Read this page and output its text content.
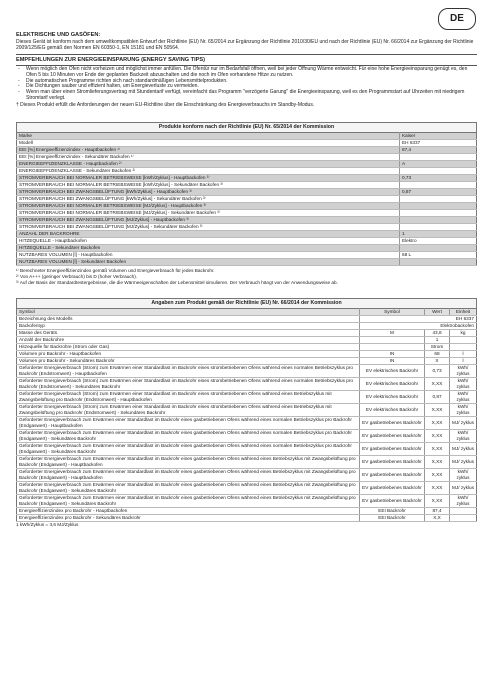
DE
ELEKTRISCHE UND GASÖFEN:
Dieses Gerät ist konform nach dem umweltkompatiblen Entwurf der Richtlinie (EU) Nr. 65/2014 zur Ergänzung der Richtlinie 2010/30/EU und nach der Richtlinie (EU) Nr. 66/2014 zur Ergänzung der Richtlinie 2009/125/EG gemäß den Normen EN 60350-1, EN 15181 und EN 50564.
EMPFEHLUNGEN ZUR ENERGIEEINSPARUNG (ENERGY SAVING TIPS)
- Wenn möglich den Ofen nicht vorheizen und möglichst immer anfüllen. Die Ofentür nur im Bedarfsfall öffnen, weil bei jeder Öffnung Wärme entweicht. Für eine hohe Energieeinsparung genügt es, den Ofen 5 bis 10 Minuten vor Ende der geplanten Backzeit abzuschalten und die noch im Ofen vorhandene Hitze zu nutzen.
- Die automatischen Programme richten sich nach standardmäßigen Lebensmittelprodukten.
- Die Dichtungen sauber und effizient halten, um Energieverluste zu vermeiden.
- Wenn man über einen Stromlieferungsvertrag mit Stundentarif verfügt, vereinfacht das Programm "verzögerte Garung" die Energieeinsparung, weil es den Programmstart auf Uhrzeiten mit niedrigem Stromtarif verlegt.
† Dieses Produkt erfüllt die Anforderungen der neuen EU-Richtline über die Einschränkung des Energieverbrauchs im Standby-Modus.
Produkte konform nach der Richtlinie (EU) Nr. 65/2014 der Kommission
Marke	Kaiser
Modell	EH 6337
EEI [%] Energieeffizienzindex - Hauptbackofen ¹⁾	87,4
EEI [%] Energieeffizienzindex - Sekundärer Backofen ¹⁾	
ENERGIEEFFIZIENZKLASSE - Hauptbackofen ²⁾	A
ENERGIEEFFIZIENZKLASSE - Sekundärer Backofen ²⁾	
STROMVERBRAUCH BEI NORMALER BETRIEBSWEISE [kWh/Zyklus] - Hauptbackofen ³⁾	0,73
STROMVERBRAUCH BEI NORMALER BETRIEBSWEISE [kWh/Zyklus] - Sekundärer Backofen ³⁾	
STROMVERBRAUCH BEI ZWANGSBELÜFTUNG [kWh/Zyklus] - Hauptbackofen ³⁾	0,87
STROMVERBRAUCH BEI ZWANGSBELÜFTUNG [kWh/Zyklus] - Sekundärer Backofen ³⁾	
STROMVERBRAUCH BEI NORMALER BETRIEBSWEISE [MJ/Zyklus] - Hauptbackofen ³⁾	
STROMVERBRAUCH BEI NORMALER BETRIEBSWEISE [MJ/Zyklus] - Sekundärer Backofen ³⁾	
STROMVERBRAUCH BEI ZWANGSBELÜFTUNG [MJ/Zyklus] - Hauptbackofen ³⁾	
STROMVERBRAUCH BEI ZWANGSBELÜFTUNG [MJ/Zyklus] - Sekundärer Backofen ³⁾	
ANZAHL DER BACKROHRE	1
HITZEQUELLE - Hauptbackofen	Elektro
HITZEQUELLE - Sekundärer Backofen	
NUTZBARES VOLUMEN [l] - Hauptbackofen	68 L
NUTZBARES VOLUMEN [l] - Sekundärer Backofen	
¹⁾ Berechneter Energieeffizienzindex gemäß Volumen und Energieverbrauch für jedes Backrohr.
²⁾ Von A+++ (geringer Verbrauch) bis D (hoher Verbrauch).
³⁾ Auf der Basis der Standardtestergebnisse, die die Wärmeeigenschaften der Lebensmittel simulieren. Der Verbrauch hängt von der Anwendungsweise ab.
Angaben zum Produkt gemäß der Richtlinie (EU) Nr. 66/2014 der Kommission
Symbol	Symbol	Wert	Einheit
Bezeichnung des Modells	EH 6337		
Backofentyp	Elektrobackofen		
Masse des Geräts	M	43,8	kg
Anzahl der Backrohre		1	
Hitzequelle für Backrohre (Strom oder Gas)		Strom	
Volumen pro Backrohr - Hauptbackofen	IN	68	l
Volumen pro Backrohr - Sekundäres Backrohr	IN	X	l
Geforderter Energieverbrauch (Strom) zum Erwärmen einer Standardlast im Backrohr eines strombetriebenen Ofens während eines normalen Betriebszyklus pro Backrohr (Endstromwert) - Hauptbackofen	EV elektrisches Backrohr	0,73	kWh/ zyklus
Geforderter Energieverbrauch (Strom) zum Erwärmen einer Standardlast im Backrohr eines strombetriebenen Ofens während eines normalen Betriebszyklus pro Backrohr (Endstromwert) - Sekundäres Backrohr	EV elektrisches Backrohr	X,XX	kWh/ zyklus
Geforderter Energieverbrauch (Strom) zum Erwärmen einer Standardlast im Backrohr eines strombetriebenen Ofens während eines Betriebszyklus mit Zwangsbelüftung pro Backrohr (Endstromwert) - Hauptbackofen	EV elektrisches Backrohr	0,87	kWh/ zyklus
Geforderter Energieverbrauch (Strom) zum Erwärmen einer Standardlast im Backrohr eines strombetriebenen Ofens während eines Betriebszyklus mit Zwangsbelüftung pro Backrohr (Endstromwert) - Sekundäres Backrohr	EV elektrisches Backrohr	X,XX	kWh/ zyklus
Geforderter Energieverbrauch zum Erwärmen einer Standardlast im Backrohr eines gasbetriebenen Ofens während eines normalen Betriebszyklus pro Backrohr (Endgaswert) - Hauptbackofen	EV gasbetriebenes Backrohr	X,XX	MJ/ zyklus
Geforderter Energieverbrauch zum Erwärmen einer Standardlast im Backrohr eines gasbetriebenen Ofens während eines normalen Betriebszyklus pro Backrohr (Endgaswert) - Sekundäres Backrohr	EV gasbetriebenes Backrohr	X,XX	kWh/ zyklus
Geforderter Energieverbrauch zum Erwärmen einer Standardlast im Backrohr eines gasbetriebenen Ofens während eines normalen Betriebszyklus pro Backrohr (Endgaswert) - Sekundäres Backrohr	EV gasbetriebenes Backrohr	X,XX	MJ/ zyklus
Geforderter Energieverbrauch zum Erwärmen einer Standardlast im Backrohr eines gasbetriebenen Ofens während eines Betriebszyklus mit Zwangsbelüftung pro Backrohr (Endgaswert) - Hauptbackofen	EV gasbetriebenes Backrohr	X,XX	MJ/ zyklus
Geforderter Energieverbrauch zum Erwärmen einer Standardlast im Backrohr eines gasbetriebenen Ofens während eines Betriebszyklus mit Zwangsbelüftung pro Backrohr (Endgaswert) - Hauptbackofen	EV gasbetriebenes Backrohr	X,XX	kWh/ zyklus
Geforderter Energieverbrauch zum Erwärmen einer Standardlast im Backrohr eines gasbetriebenen Ofens während eines Betriebszyklus mit Zwangsbelüftung pro Backrohr (Endgaswert) - Sekundäres Backrohr	EV gasbetriebenes Backrohr	X,XX	MJ/ zyklus
Geforderter Energieverbrauch zum Erwärmen einer Standardlast im Backrohr eines gasbetriebenen Ofens während eines Betriebszyklus mit Zwangsbelüftung pro Backrohr (Endgaswert) - Sekundäres Backrohr	EV gasbetriebenes Backrohr	X,XX	kWh/ zyklus
Energieeffizienzindex pro Backrohr - Hauptbackofen	EEI Backrohr	87,4	
Energieeffizienzindex pro Backrohr - Sekundäres Backrohr	EEI Backrohr	X,X	
1 kWh/Zyklus = 3,6 MJ/Zyklus
